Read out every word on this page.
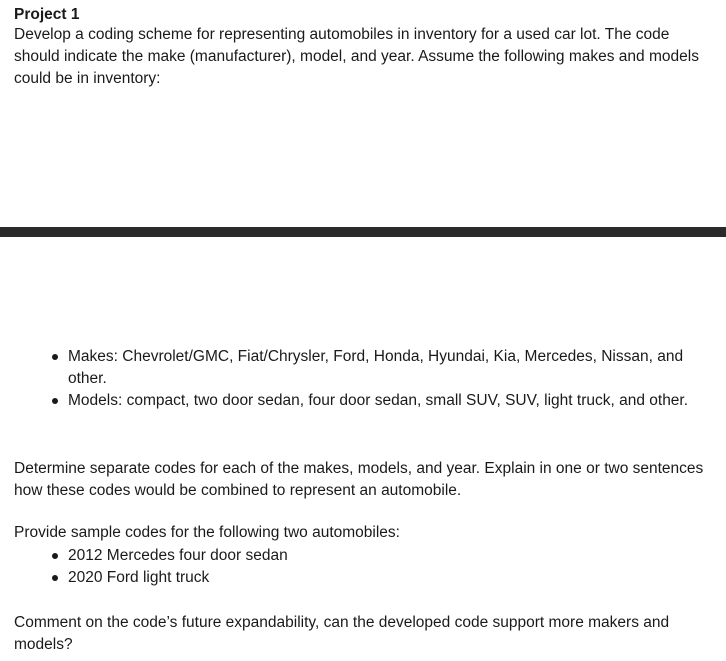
Project 1

Develop a coding scheme for representing automobiles in inventory for a used car lot. The code should indicate the make (manufacturer), model, and year. Assume the following makes and models could be in inventory:

Makes: Chevrolet/GMC, Fiat/Chrysler, Ford, Honda, Hyundai, Kia, Mercedes, Nissan, and other.
Models: compact, two door sedan, four door sedan, small SUV, SUV, light truck, and other.

Determine separate codes for each of the makes, models, and year. Explain in one or two sentences how these codes would be combined to represent an automobile.

Provide sample codes for the following two automobiles:

2012 Mercedes four door sedan
2020 Ford light truck

Comment on the code’s future expandability, can the developed code support more makers and models?
